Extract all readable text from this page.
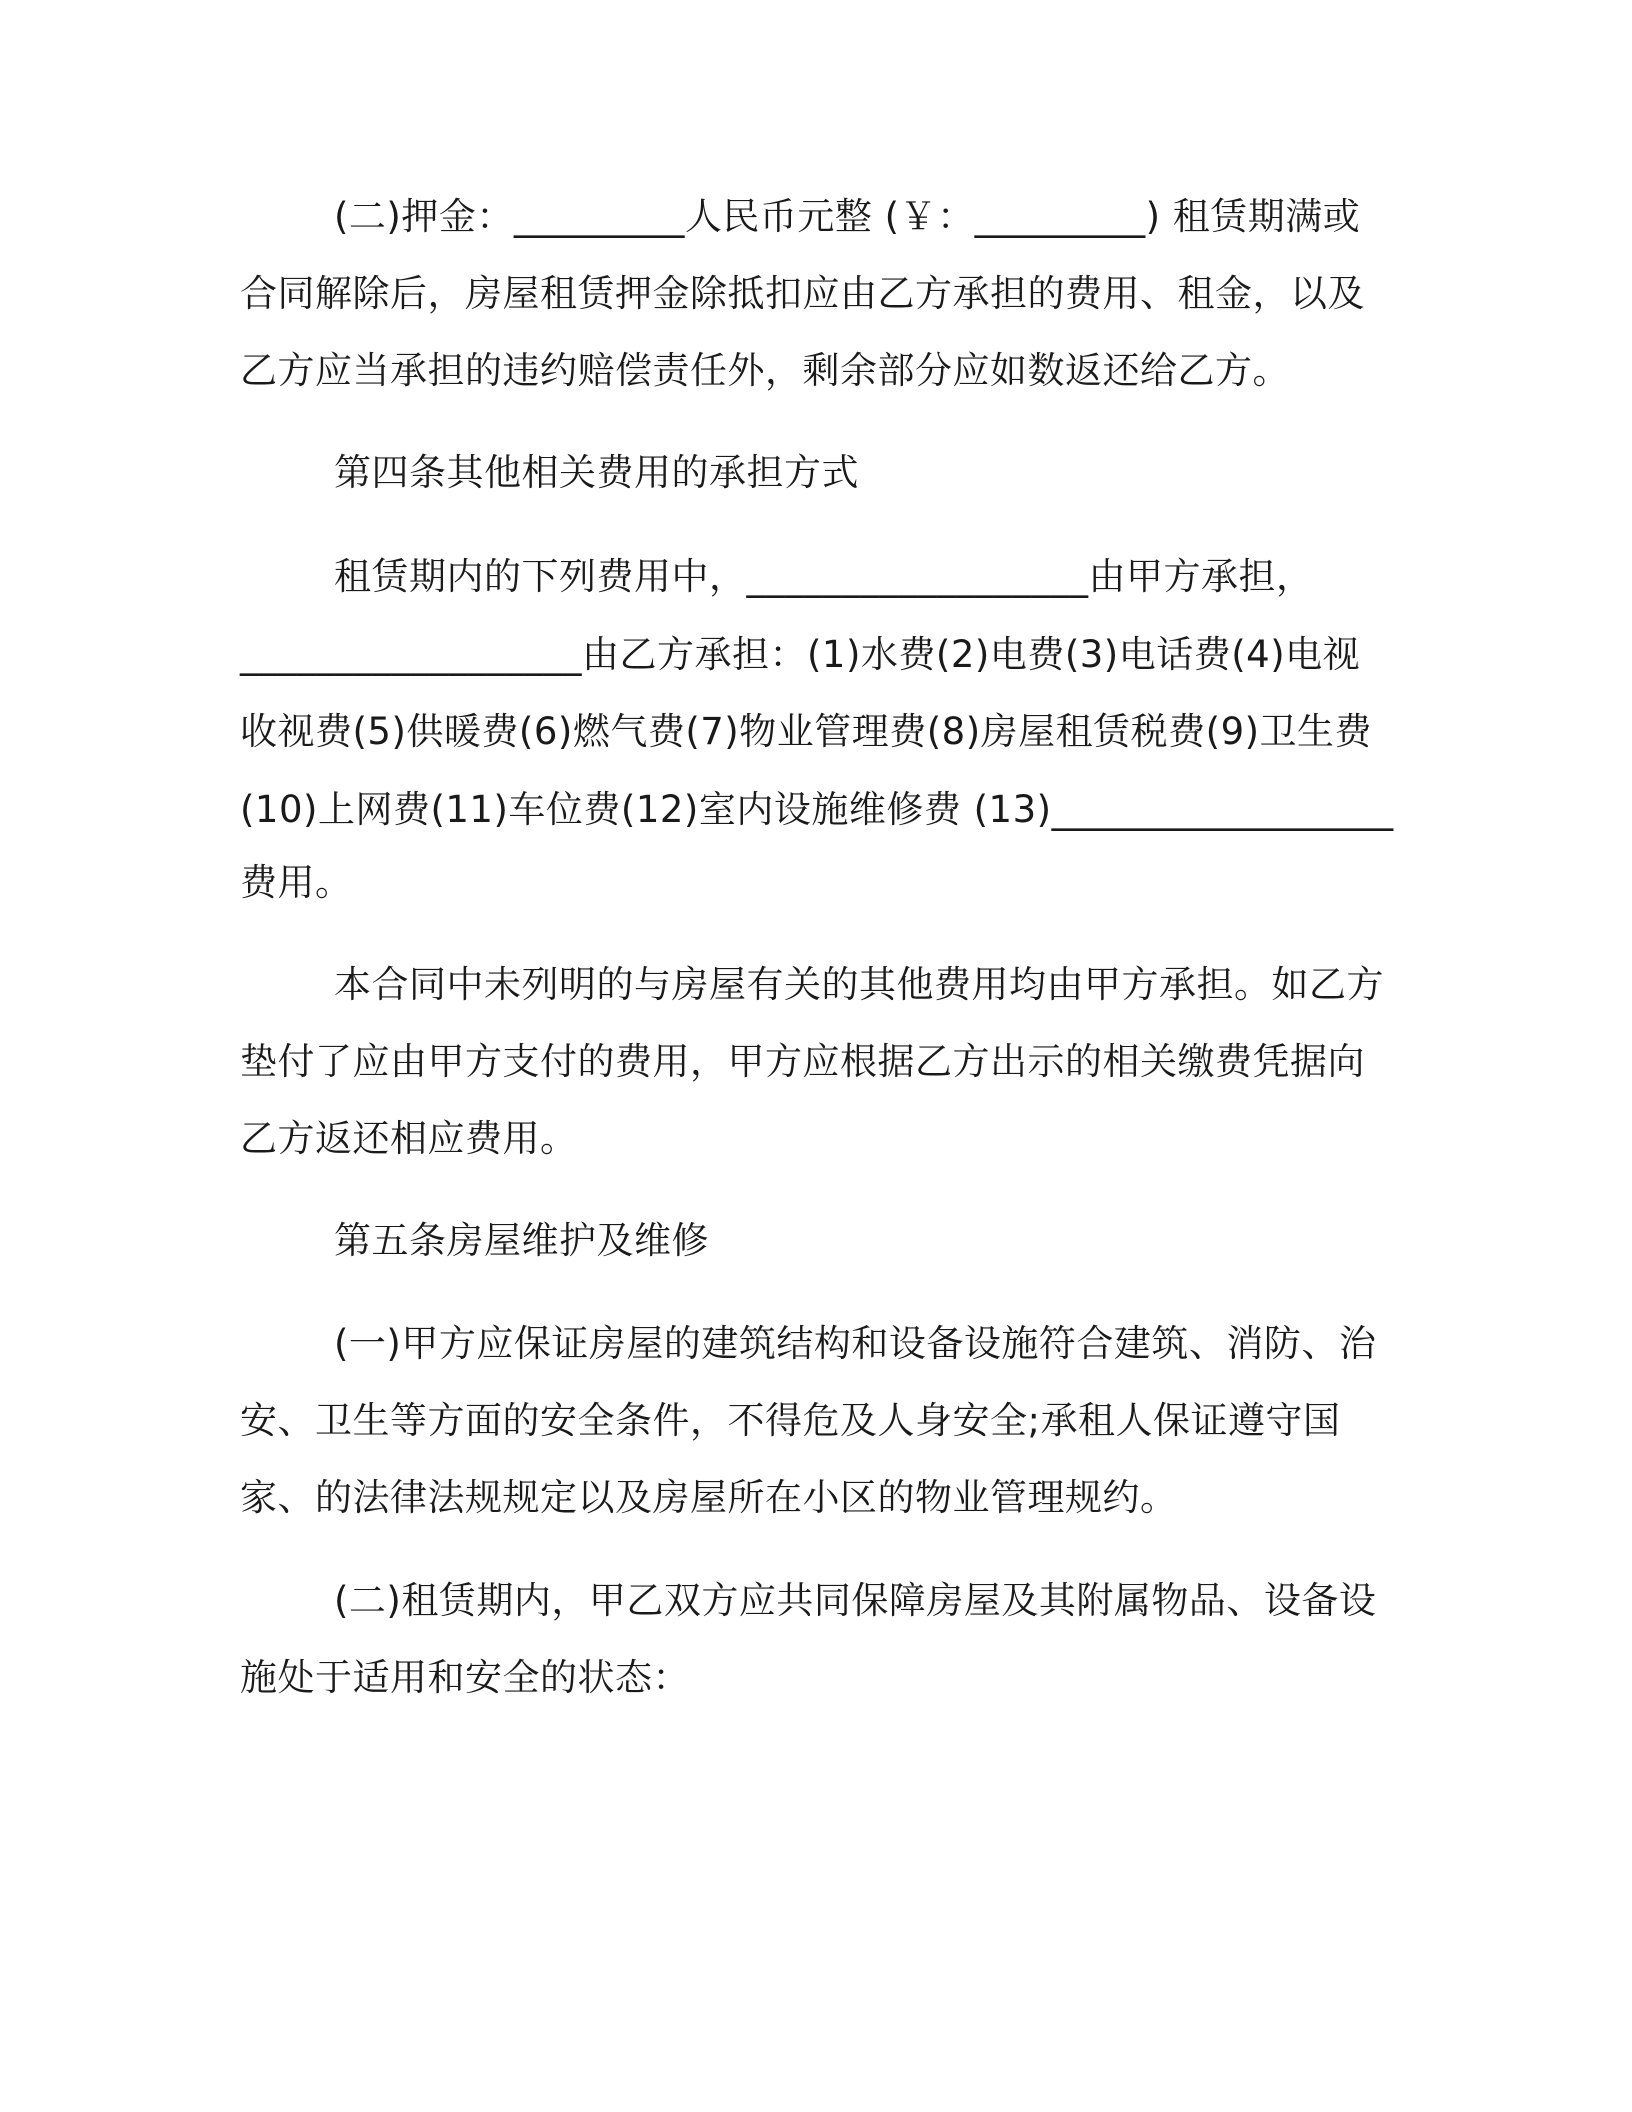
(二)押金：_________人民币元整 (￥：_________) 租赁期满或
合同解除后，房屋租赁押金除抵扣应由乙方承担的费用、租金，以及
乙方应当承担的违约赔偿责任外，剩余部分应如数返还给乙方。
第四条其他相关费用的承担方式
租赁期内的下列费用中，__________________由甲方承担，
__________________由乙方承担：(1)水费(2)电费(3)电话费(4)电视
收视费(5)供暖费(6)燃气费(7)物业管理费(8)房屋租赁税费(9)卫生费
(10)上网费(11)车位费(12)室内设施维修费 (13)__________________
费用。
本合同中未列明的与房屋有关的其他费用均由甲方承担。如乙方
垫付了应由甲方支付的费用，甲方应根据乙方出示的相关缴费凭据向
乙方返还相应费用。
第五条房屋维护及维修
(一)甲方应保证房屋的建筑结构和设备设施符合建筑、消防、治
安、卫生等方面的安全条件，不得危及人身安全;承租人保证遵守国
家、的法律法规规定以及房屋所在小区的物业管理规约。
(二)租赁期内，甲乙双方应共同保障房屋及其附属物品、设备设
施处于适用和安全的状态：
